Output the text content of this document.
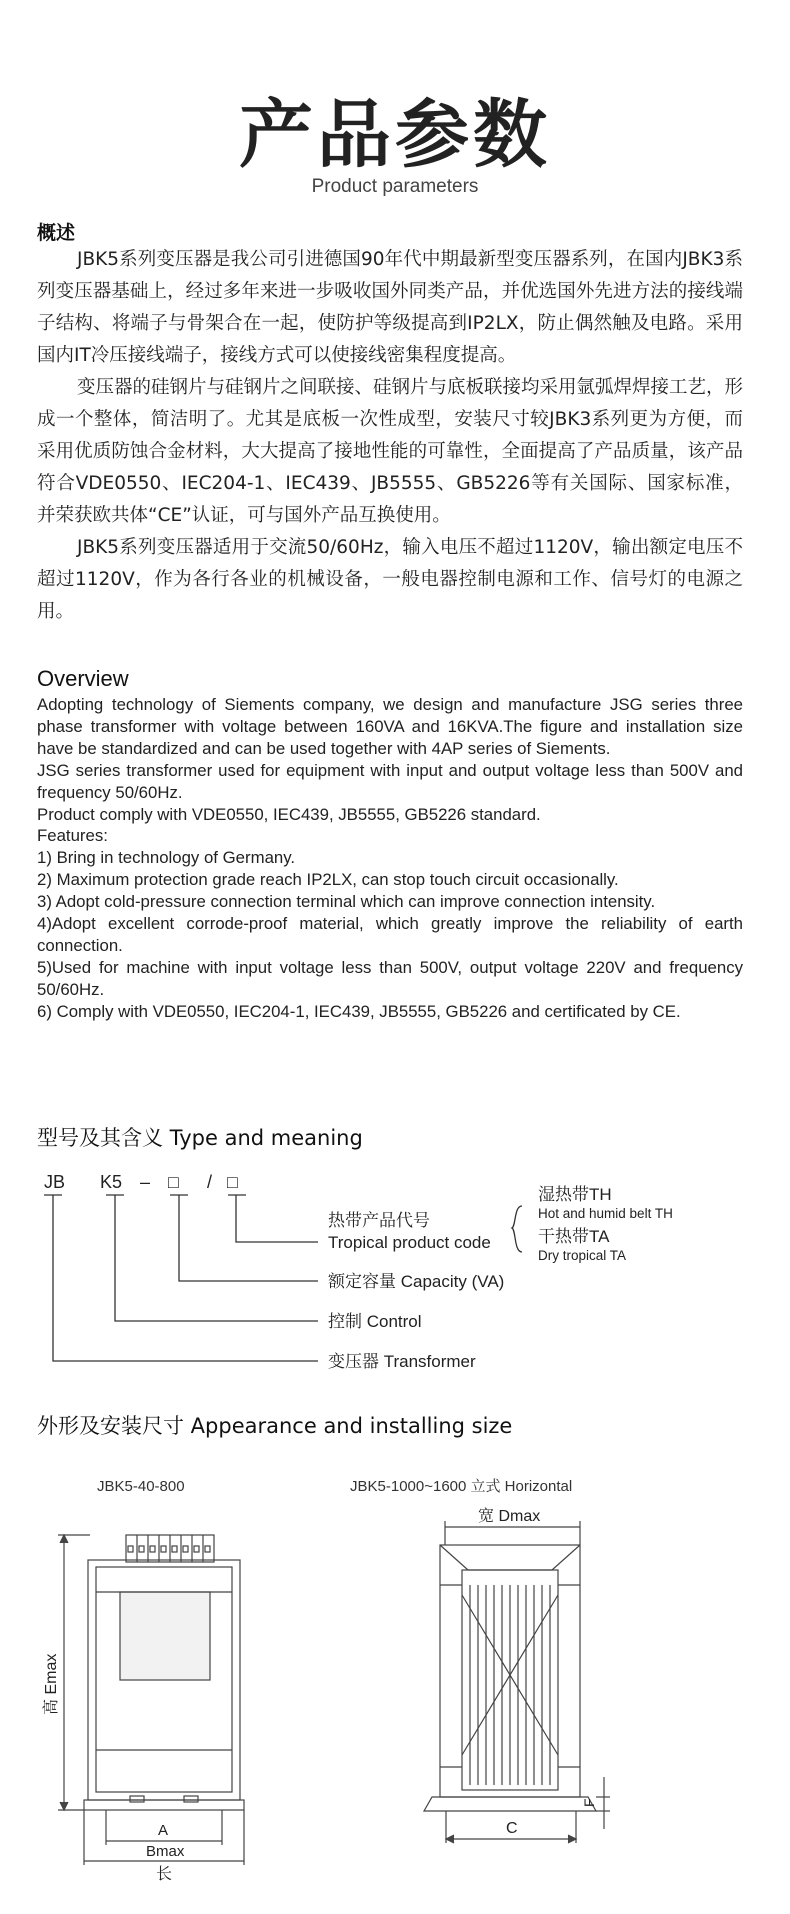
产品参数
Product parameters
概述

JBK5系列变压器是我公司引进德国90年代中期最新型变压器系列，在国内JBK3系列变压器基础上，经过多年来进一步吸收国外同类产品，并优选国外先进方法的接线端子结构、将端子与骨架合在一起，使防护等级提高到IP2LX，防止偶然触及电路。采用国内IT冷压接线端子，接线方式可以使接线密集程度提高。

变压器的硅钢片与硅钢片之间联接、硅钢片与底板联接均采用氩弧焊焊接工艺，形成一个整体，简洁明了。尤其是底板一次性成型，安装尺寸较JBK3系列更为方便，而采用优质防蚀合金材料，大大提高了接地性能的可靠性，全面提高了产品质量，该产品符合VDE0550、IEC204-1、IEC439、JB5555、GB5226等有关国际、国家标准，并荣获欧共体“CE”认证，可与国外产品互换使用。

JBK5系列变压器适用于交流50/60Hz，输入电压不超过1120V，输出额定电压不超过1120V，作为各行各业的机械设备，一般电器控制电源和工作、信号灯的电源之用。

Overview
Adopting technology of Siements company, we design and manufacture JSG series three phase transformer with voltage between 160VA and 16KVA.The figure and installation size have be standardized and can be used together with 4AP series of Siements.
JSG series transformer used for equipment with input and output voltage less than 500V and frequency 50/60Hz.
Product comply with VDE0550, IEC439, JB5555, GB5226 standard.
Features:
1) Bring in technology of Germany.
2) Maximum protection grade reach IP2LX, can stop touch circuit occasionally.
3) Adopt cold-pressure connection terminal which can improve connection intensity.
4)Adopt excellent corrode-proof material, which greatly improve the reliability of earth connection.
5)Used for machine with input voltage less than 500V, output voltage 220V and frequency 50/60Hz.
6) Comply with VDE0550, IEC204-1, IEC439, JB5555, GB5226 and certificated by CE.
型号及其含义 Type and meaning
JB K5 – □ / □
热带产品代号
Tropical product code
湿热带TH
Hot and humid belt TH
干热带TA
Dry tropical TA
额定容量 Capacity (VA)
控制 Control
变压器 Transformer
外形及安装尺寸 Appearance and installing size
JBK5-40-800
高 Emax
A
Bmax
长
JBK5-1000~1600 立式 Horizontal
宽 Dmax
F
C
